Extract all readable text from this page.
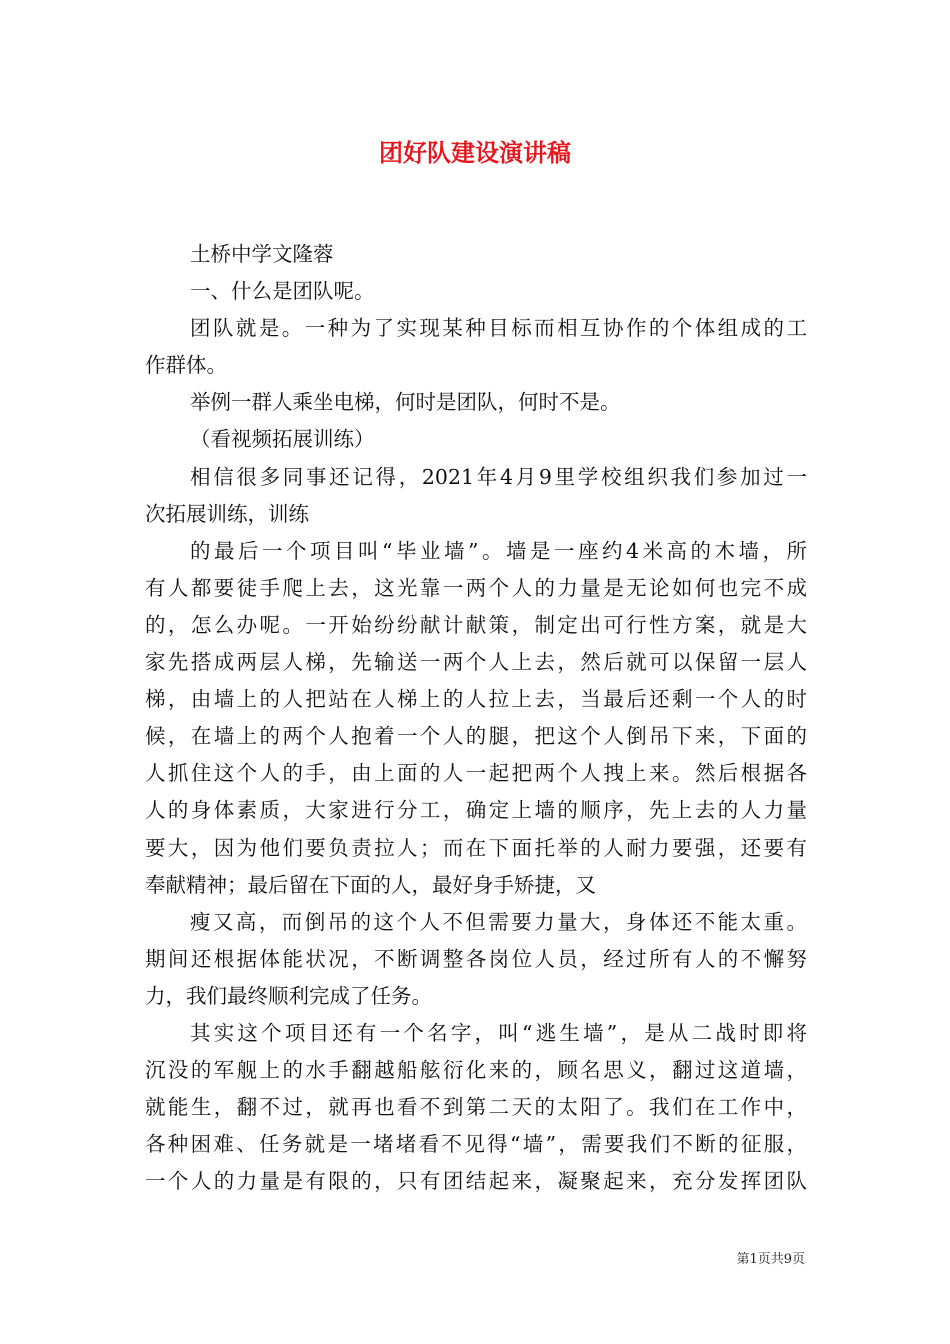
团好队建设演讲稿
土桥中学文隆蓉
一、什么是团队呢。
团队就是。一种为了实现某种目标而相互协作的个体组成的工
作群体。
举例一群人乘坐电梯，何时是团队，何时不是。
（看视频拓展训练）
相信很多同事还记得，2021年4月9里学校组织我们参加过一
次拓展训练，训练
的最后一个项目叫“毕业墙”。墙是一座约4米高的木墙，所
有人都要徒手爬上去，这光靠一两个人的力量是无论如何也完不成
的，怎么办呢。一开始纷纷献计献策，制定出可行性方案，就是大
家先搭成两层人梯，先输送一两个人上去，然后就可以保留一层人
梯，由墙上的人把站在人梯上的人拉上去，当最后还剩一个人的时
候，在墙上的两个人抱着一个人的腿，把这个人倒吊下来，下面的
人抓住这个人的手，由上面的人一起把两个人拽上来。然后根据各
人的身体素质，大家进行分工，确定上墙的顺序，先上去的人力量
要大，因为他们要负责拉人；而在下面托举的人耐力要强，还要有
奉献精神；最后留在下面的人，最好身手矫捷，又
瘦又高，而倒吊的这个人不但需要力量大，身体还不能太重。
期间还根据体能状况，不断调整各岗位人员，经过所有人的不懈努
力，我们最终顺利完成了任务。
其实这个项目还有一个名字，叫“逃生墙”，是从二战时即将
沉没的军舰上的水手翻越船舷衍化来的，顾名思义，翻过这道墙，
就能生，翻不过，就再也看不到第二天的太阳了。我们在工作中，
各种困难、任务就是一堵堵看不见得“墙”，需要我们不断的征服，
一个人的力量是有限的，只有团结起来，凝聚起来，充分发挥团队
第1页共9页
